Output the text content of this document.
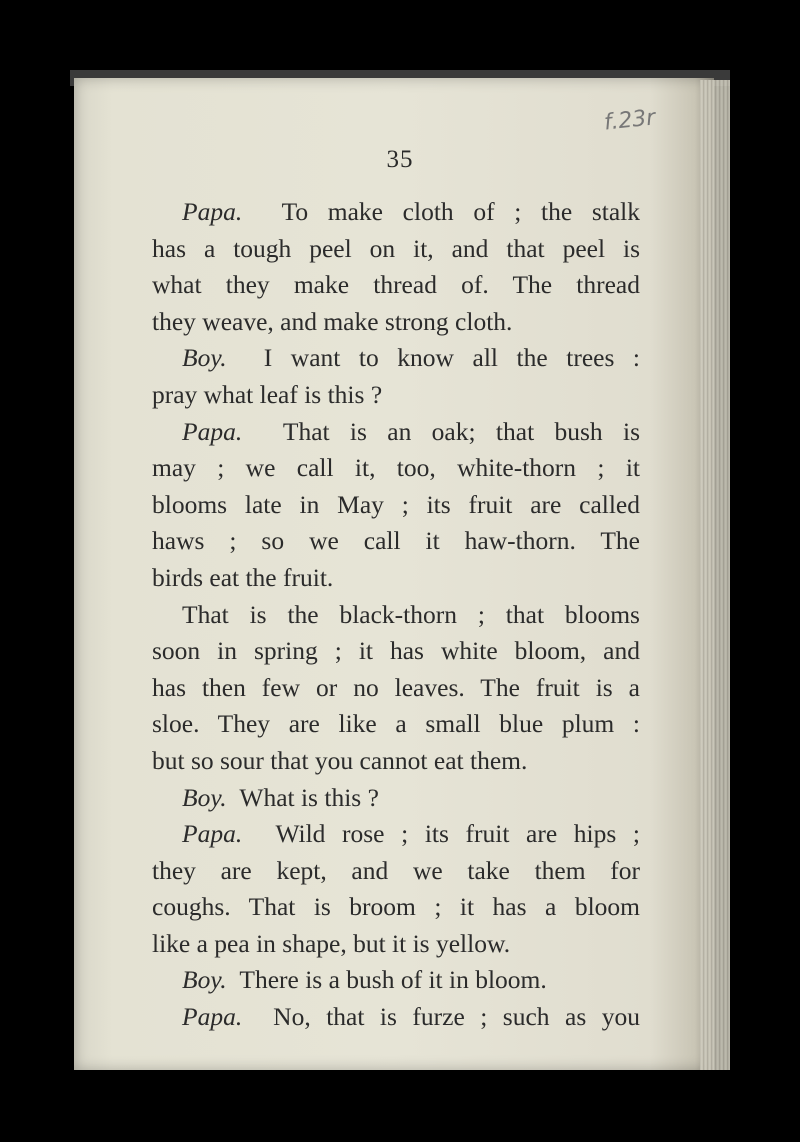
f.23r
35
Papa. To make cloth of ; the stalk
has a tough peel on it, and that peel is
what they make thread of. The thread
they weave, and make strong cloth.
Boy. I want to know all the trees :
pray what leaf is this ?
Papa. That is an oak; that bush is
may ; we call it, too, white-thorn ; it
blooms late in May ; its fruit are called
haws ; so we call it haw-thorn. The
birds eat the fruit.
That is the black-thorn ; that blooms
soon in spring ; it has white bloom, and
has then few or no leaves. The fruit is a
sloe. They are like a small blue plum :
but so sour that you cannot eat them.
Boy. What is this ?
Papa. Wild rose ; its fruit are hips ;
they are kept, and we take them for
coughs. That is broom ; it has a bloom
like a pea in shape, but it is yellow.
Boy. There is a bush of it in bloom.
Papa. No, that is furze ; such as you
